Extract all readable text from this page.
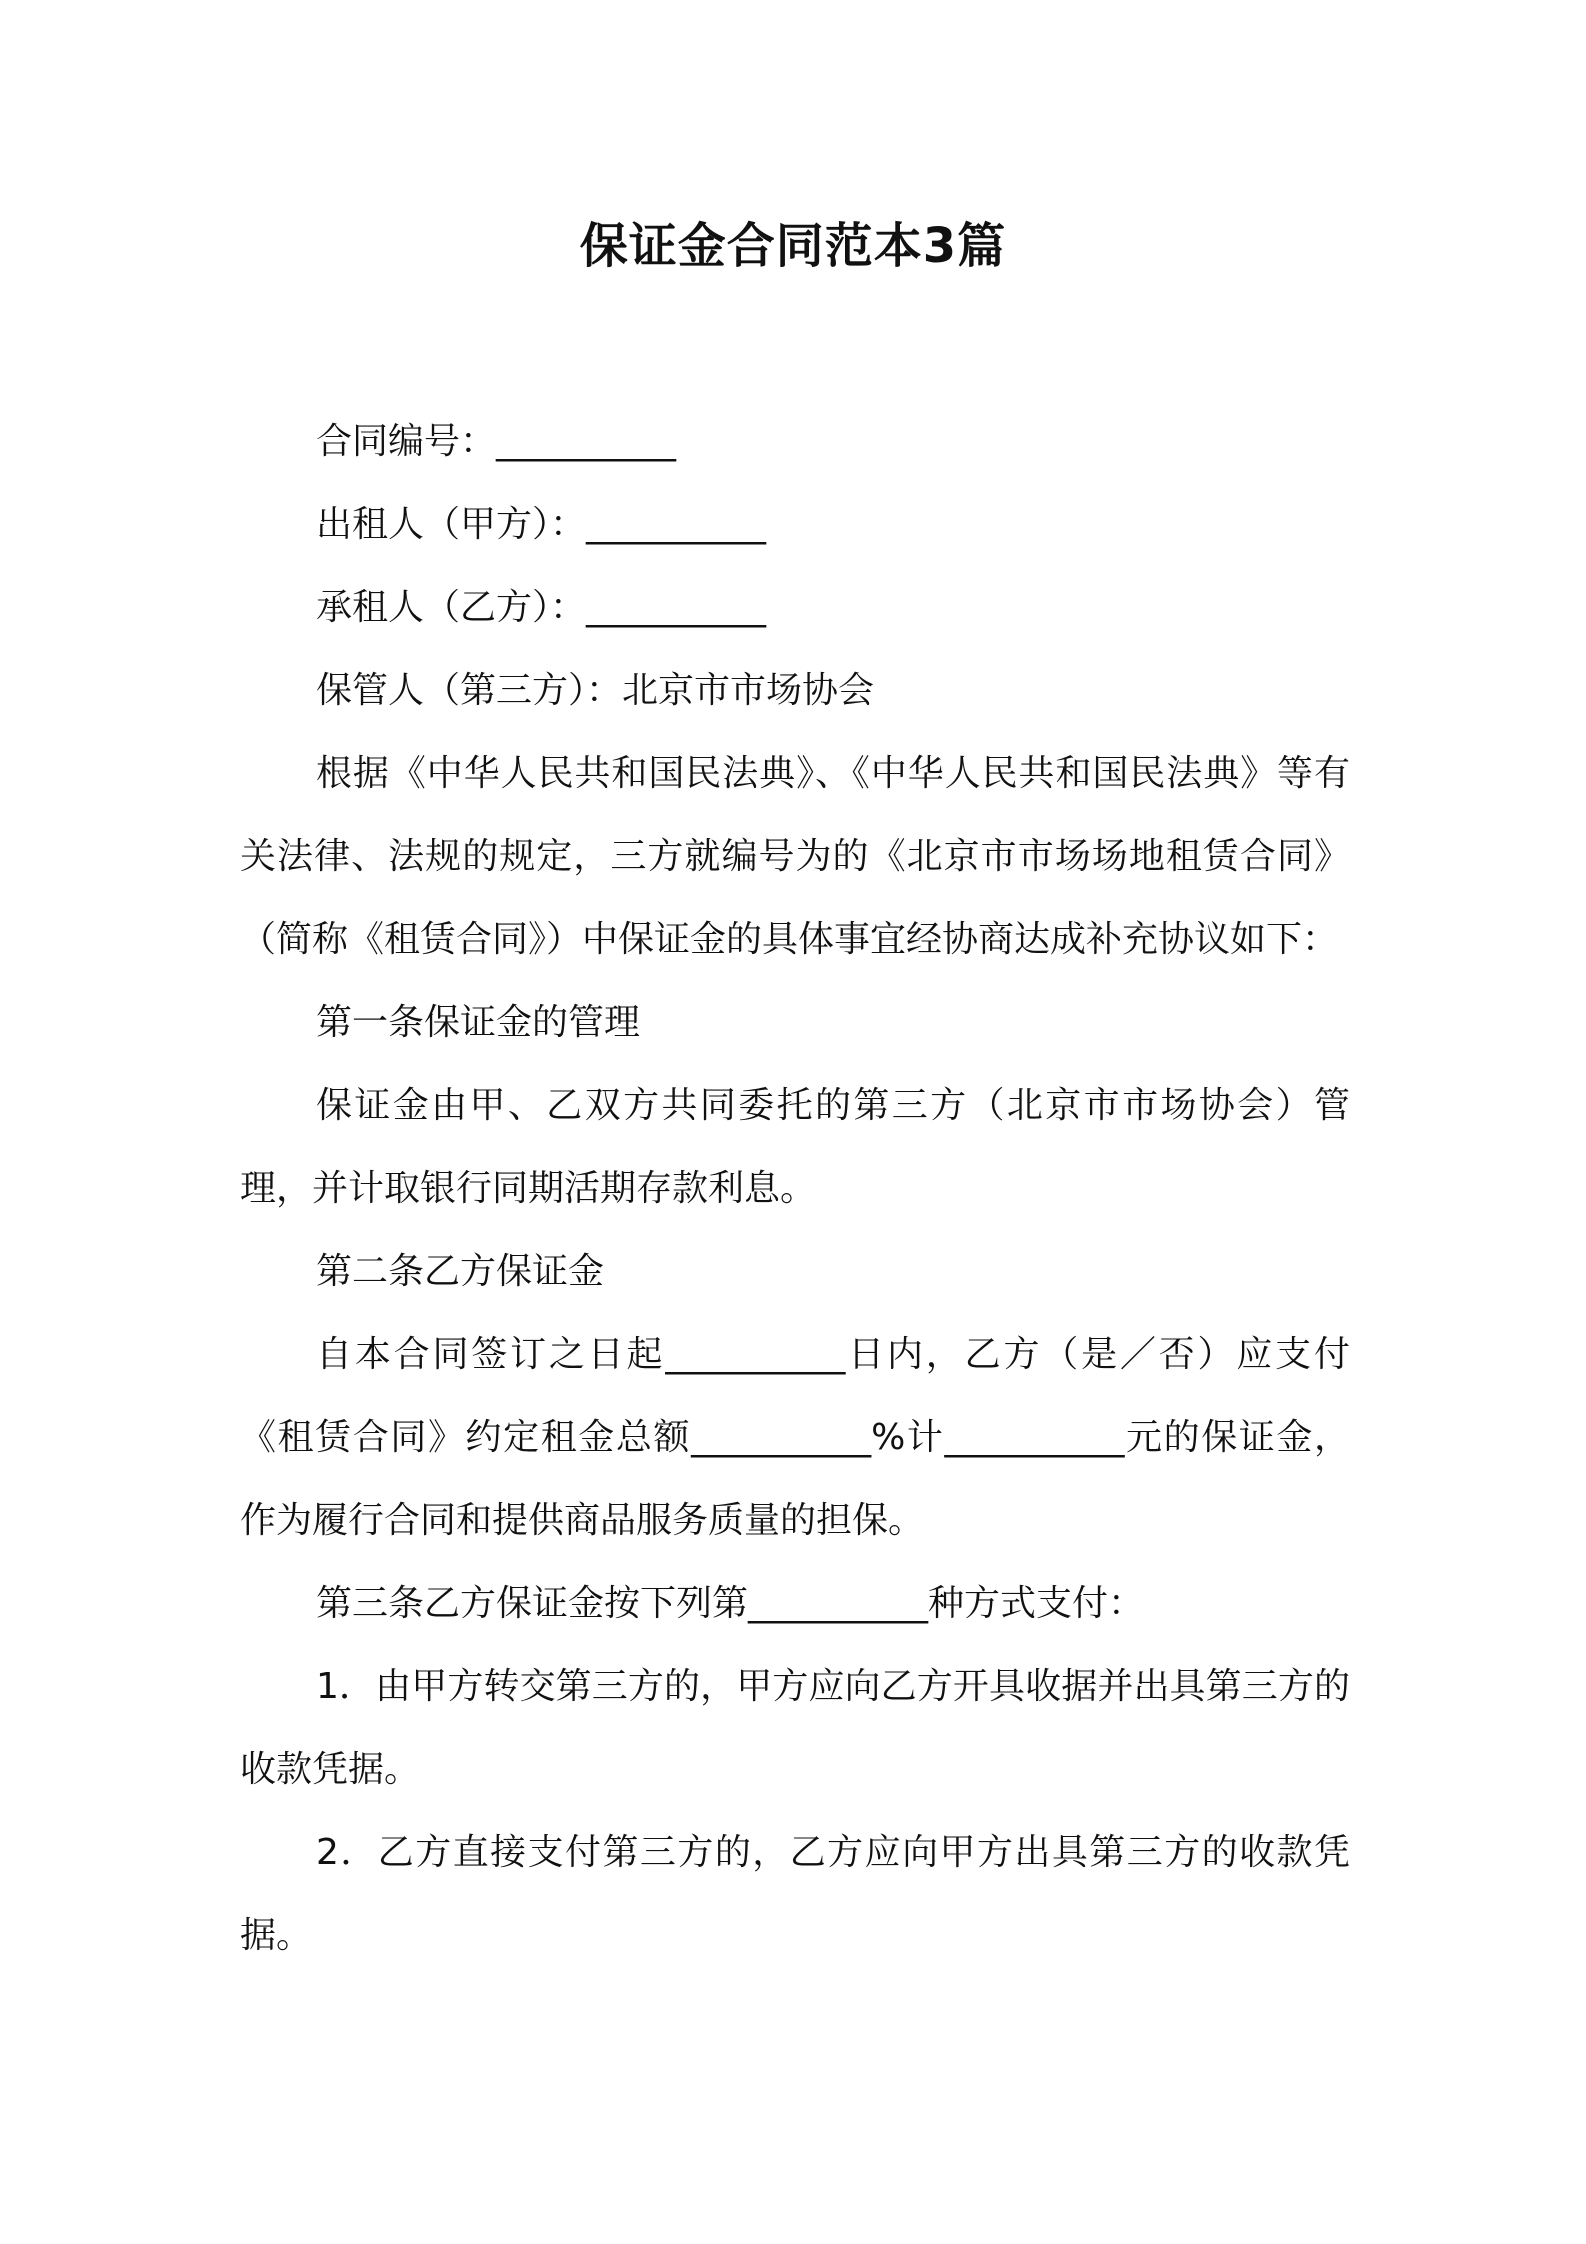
保证金合同范本3篇

合同编号：__________

出租人（甲方）：__________

承租人（乙方）：__________

保管人（第三方）：北京市市场协会

根据《中华人民共和国民法典》、《中华人民共和国民法典》等有关法律、法规的规定，三方就编号为的《北京市市场场地租赁合同》（简称《租赁合同》）中保证金的具体事宜经协商达成补充协议如下：

第一条保证金的管理

保证金由甲、乙双方共同委托的第三方（北京市市场协会）管理，并计取银行同期活期存款利息。

第二条乙方保证金

自本合同签订之日起__________日内，乙方（是／否）应支付《租赁合同》约定租金总额__________%计__________元的保证金，作为履行合同和提供商品服务质量的担保。

第三条乙方保证金按下列第__________种方式支付：

1．由甲方转交第三方的，甲方应向乙方开具收据并出具第三方的收款凭据。

2．乙方直接支付第三方的，乙方应向甲方出具第三方的收款凭据。
